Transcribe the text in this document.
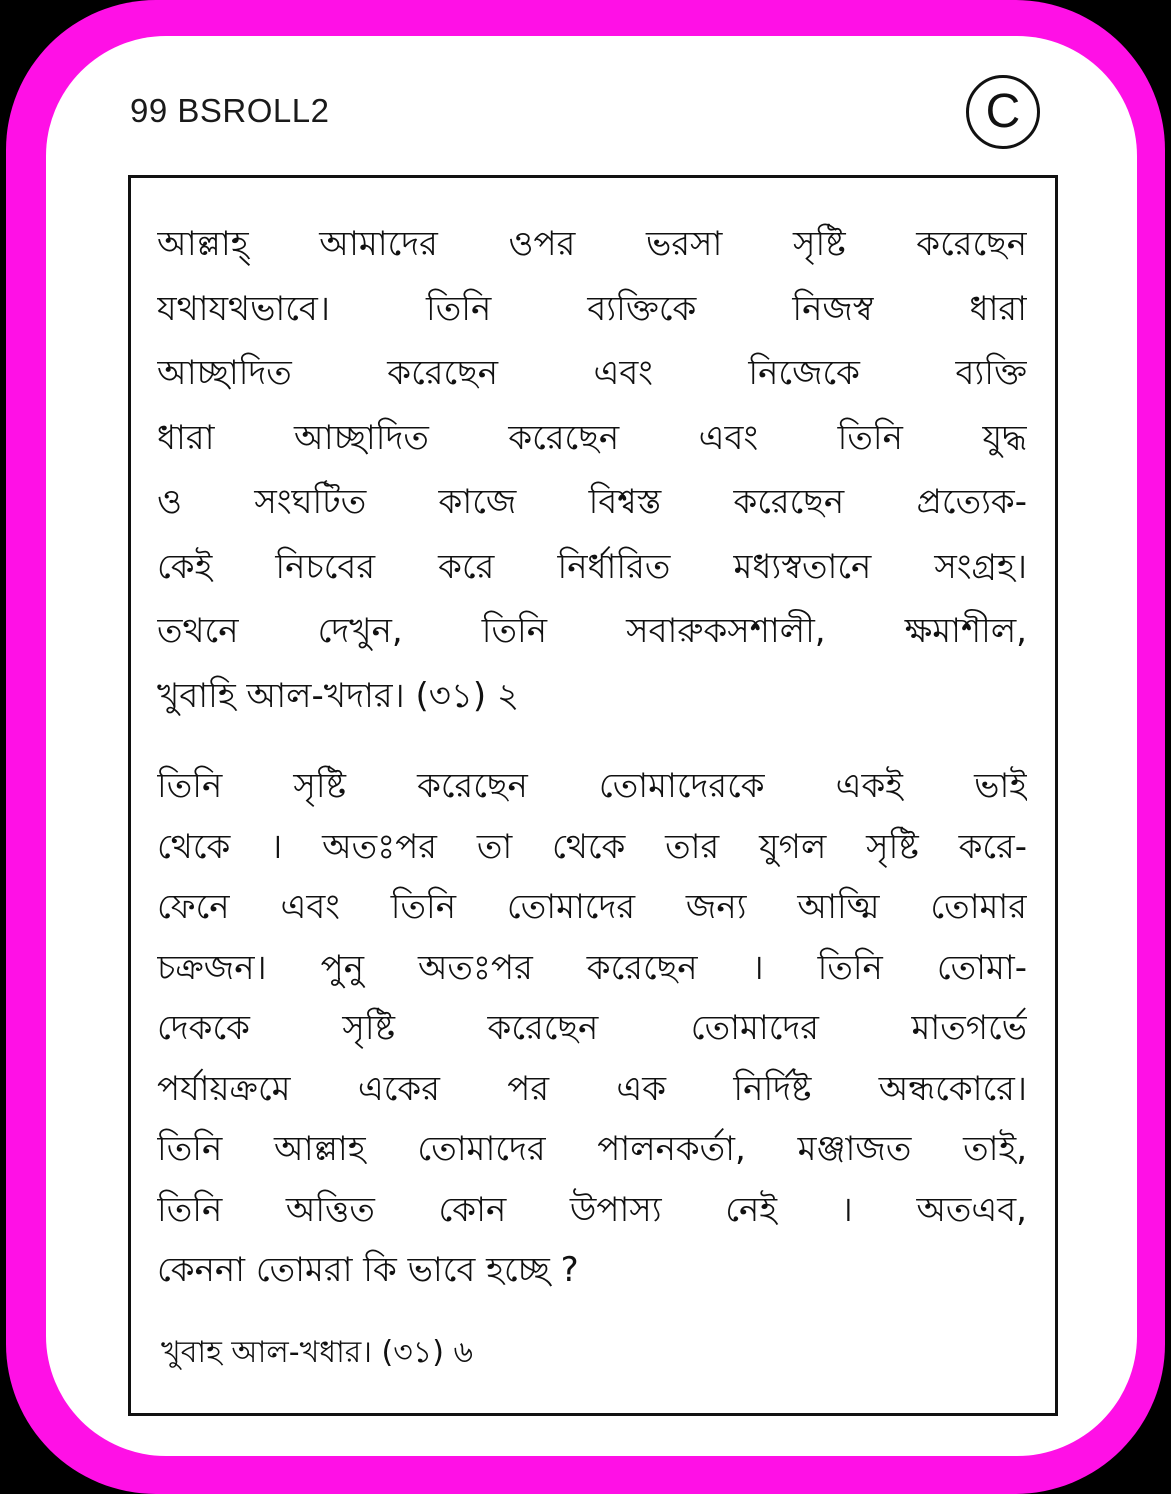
99 BSROLL2	C
আল্লাহ্‌ আমাদের ওপর ভরসা সৃষ্টি করেছেন
যথাযথভাবে। তিনি ব্যক্তিকে নিজস্ব ধারা
আচ্ছাদিত করেছেন এবং নিজেকে ব্যক্তি
ধারা আচ্ছাদিত করেছেন এবং তিনি যুদ্ধ
ও সংঘটিত কাজে বিশ্বস্ত করেছেন প্রত্যেক-
কেই নিচবের করে নির্ধারিত মধ্যস্বতানে সংগ্রহ।
তথনে দেখুন, তিনি সবারুকসশালী, ক্ষমাশীল,
খুবাহি আল-খদার। (৩১) ২
তিনি সৃষ্টি করেছেন তোমাদেরকে একই ভাই
থেকে । অতঃপর তা থেকে তার যুগল সৃষ্টি করে-
ফেনে এবং তিনি তোমাদের জন্য আত্মি তোমার
চক্রজন। পুনু অতঃপর করেছেন । তিনি তোমা-
দেককে সৃষ্টি করেছেন তোমাদের মাতগর্ভে
পর্যায়ক্রমে একের পর এক নির্দিষ্ট অন্ধকোরে।
তিনি আল্লাহ তোমাদের পালনকর্তা, মঞ্জাজত তাই,
তিনি অত্তিত কোন উপাস্য নেই । অতএব,
কেননা তোমরা কি ভাবে হচ্ছে ?
খুবাহ আল-খধার। (৩১) ৬
